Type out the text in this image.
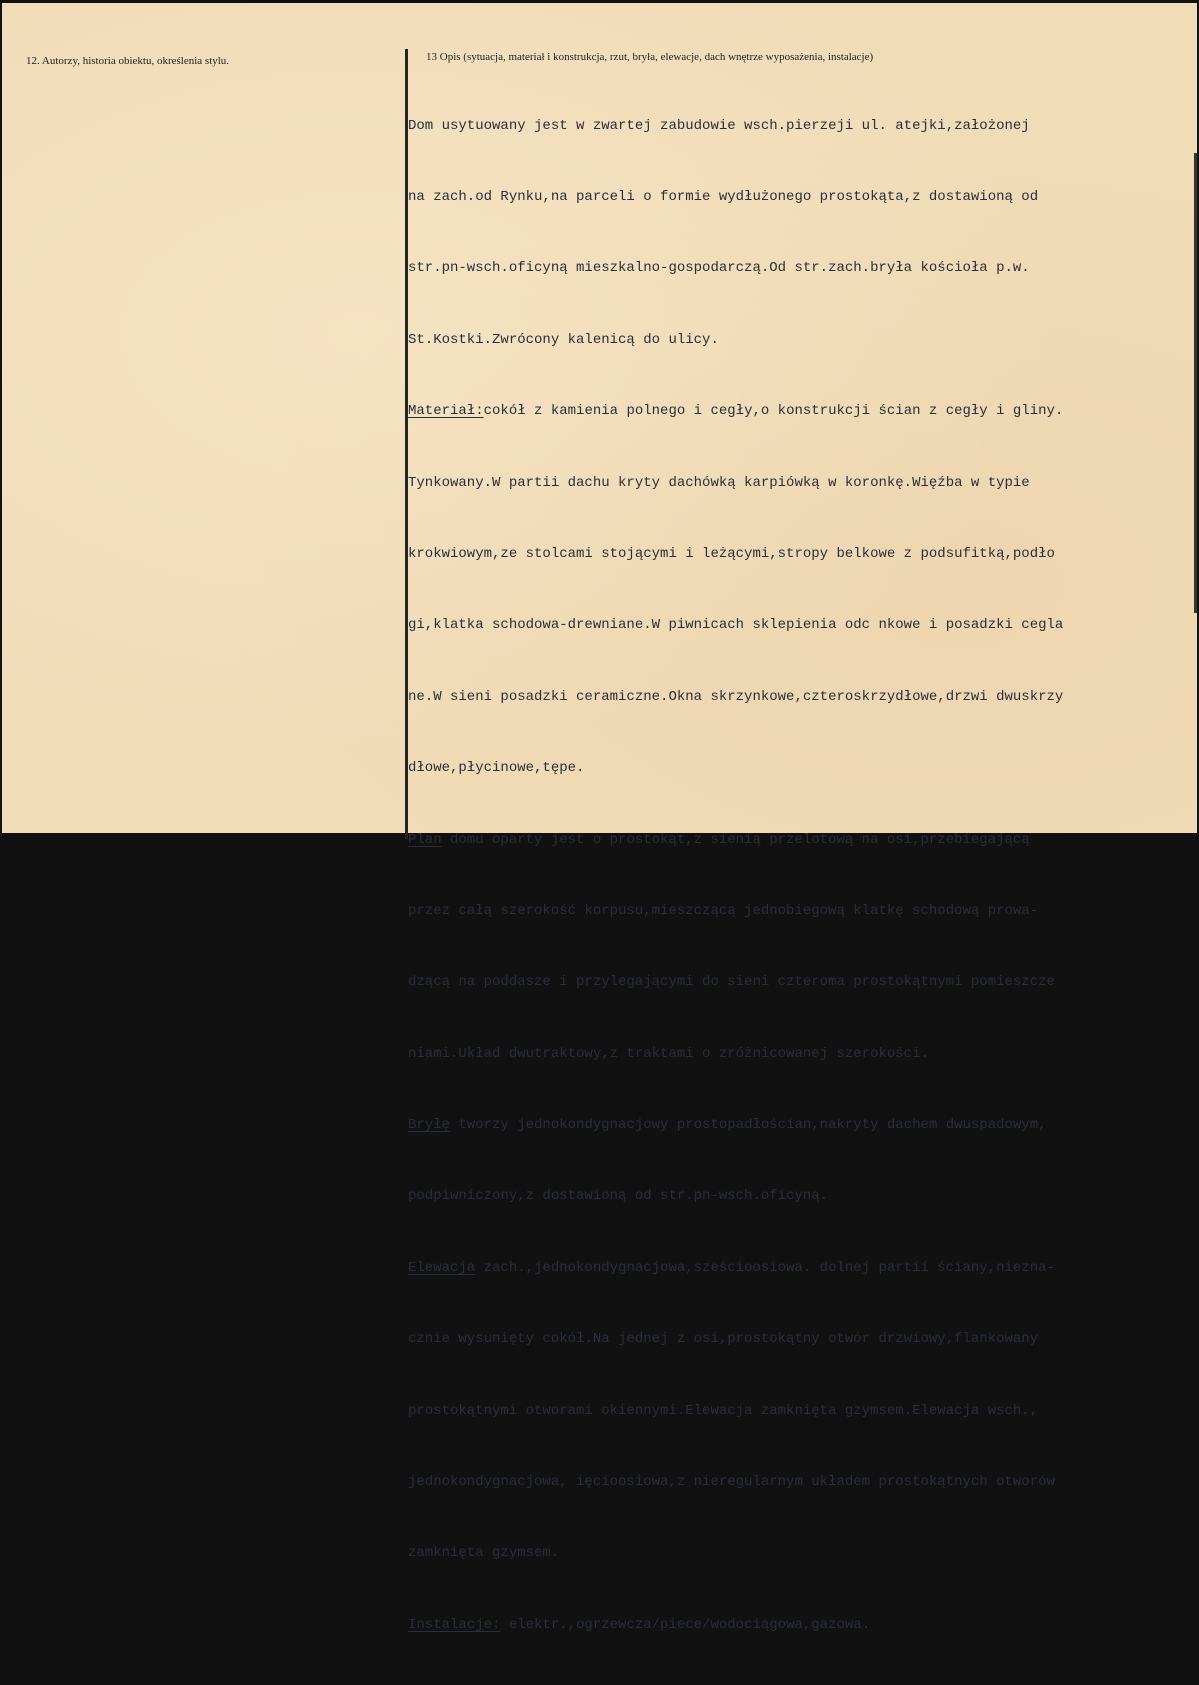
12. Autorzy, historia obiektu, określenia stylu.	13 Opis (sytuacja, materiał i konstrukcja, rzut, bryła, elewacje, dach wnętrze wyposażenia, instalacje)

Dom usytuowany jest w zwartej zabudowie wsch.pierzeji ul. atejki,założonej

na zach.od Rynku,na parceli o formie wydłużonego prostokąta,z dostawioną od

str.pn-wsch.oficyną mieszkalno-gospodarczą.Od str.zach.bryła kościoła p.w.

St.Kostki.Zwrócony kalenicą do ulicy.

Materiał:cokół z kamienia polnego i cegły,o konstrukcji ścian z cegły i gliny.

Tynkowany.W partii dachu kryty dachówką karpiówką w koronkę.Więźba w typie

krokwiowym,ze stolcami stojącymi i leżącymi,stropy belkowe z podsufitką,podło

gi,klatka schodowa-drewniane.W piwnicach sklepienia odc nkowe i posadzki cegla

ne.W sieni posadzki ceramiczne.Okna skrzynkowe,czteroskrzydłowe,drzwi dwuskrzy

dłowe,płycinowe,tępe.

Plan domu oparty jest o prostokąt,z sienią przelotową na osi,przebiegającą

przez całą szerokość korpusu,mieszczącą jednobiegową klatkę schodową prowa-

dzącą na poddasze i przylegającymi do sieni czteroma prostokątnymi pomieszcze

niami.Układ dwutraktowy,z traktami o zróżnicowanej szerokości.

Bryłę tworzy jednokondygnacjowy prostopadłościan,nakryty dachem dwuspadowym,

podpiwniczony,z dostawioną od str.pn-wsch.oficyną.

Elewacja zach.,jednokondygnacjowa,sześcioosiowa. dolnej partii ściany,niezna-

cznie wysunięty cokół.Na jednej z osi,prostokątny otwór drzwiowy,flankowany

prostokątnymi otworami okiennymi.Elewacja zamknięta gzymsem.Elewacja wsch.,

jednokondygnacjowa, ięcioosiowa,z nieregularnym układem prostokątnych otworów

zamknięta gzymsem.

Instalacje: elektr.,ogrzewcza/piece/wodociągowa,gazowa.
